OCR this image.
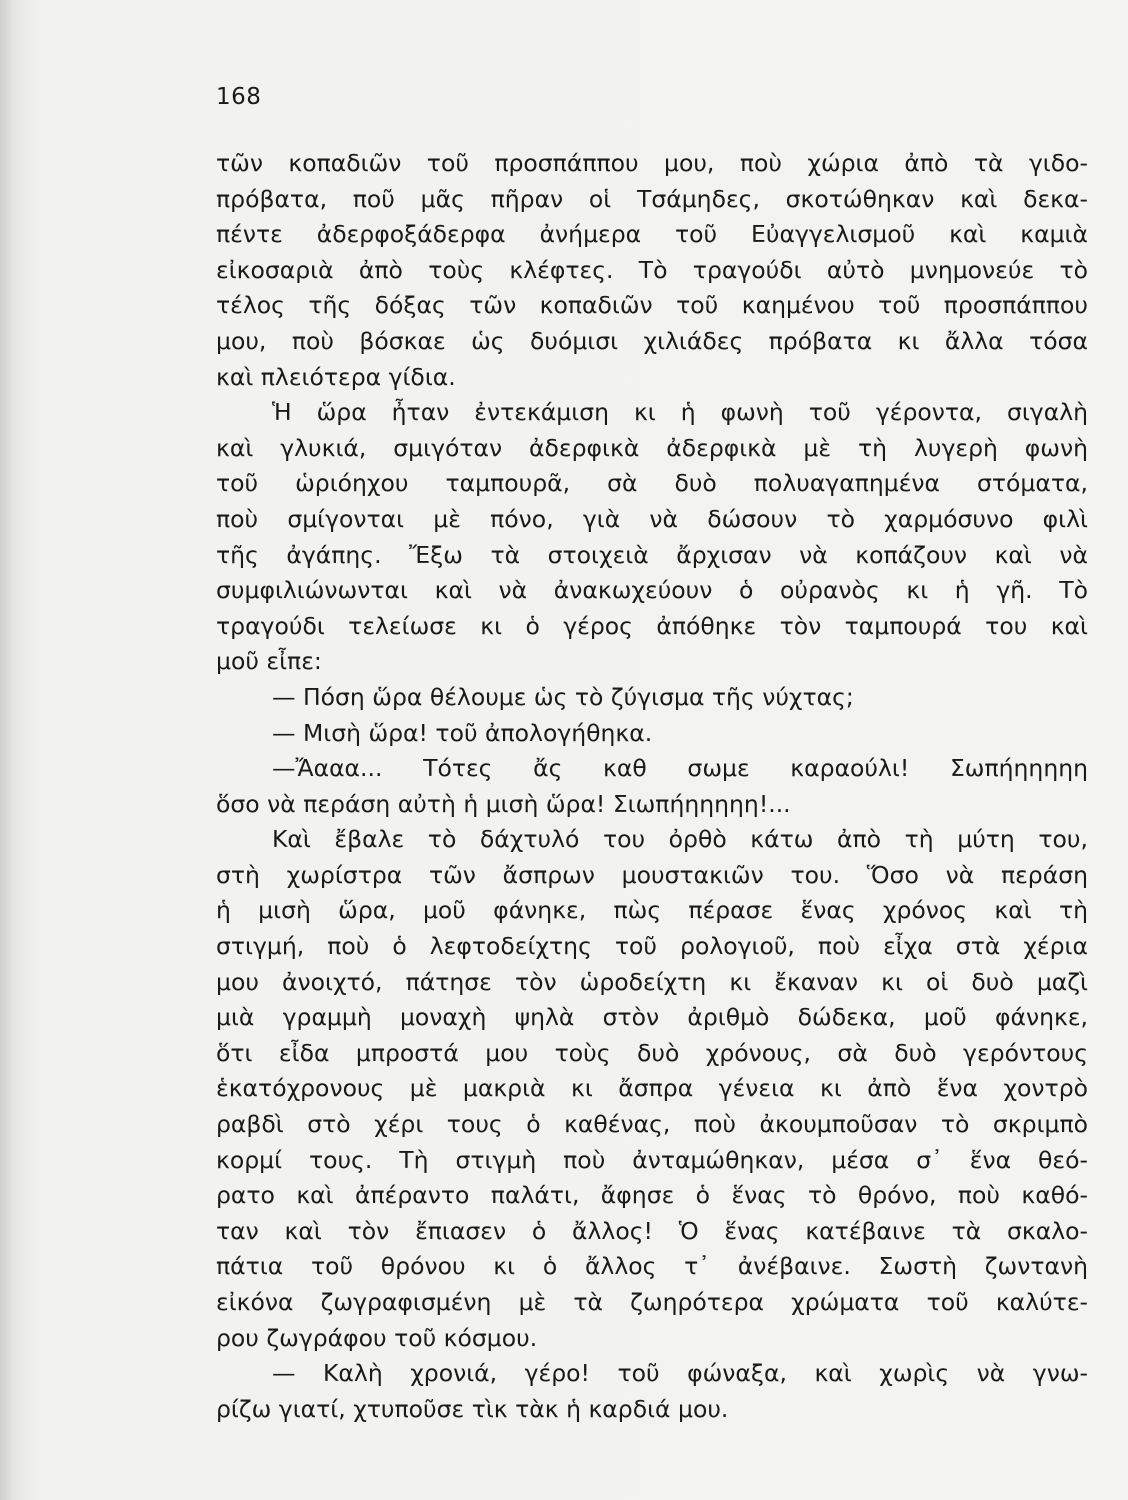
168
τῶν κοπαδιῶν τοῦ προσπάππου μου, ποὺ χώρια ἀπὸ τὰ γιδο-
πρόβατα, ποῦ μᾶς πῆραν οἱ Τσάμηδες, σκοτώθηκαν καὶ δεκα-
πέντε ἀδερφοξάδερφα ἀνήμερα τοῦ Εὐαγγελισμοῦ καὶ καμιὰ
εἰκοσαριὰ ἀπὸ τοὺς κλέφτες. Τὸ τραγούδι αὐτὸ μνημονεύε τὸ
τέλος τῆς δόξας τῶν κοπαδιῶν τοῦ καημένου τοῦ προσπάππου
μου, ποὺ βόσκαε ὡς δυόμισι χιλιάδες πρόβατα κι ἄλλα τόσα
καὶ πλειότερα γίδια.
Ἡ ὥρα ἦταν ἐντεκάμιση κι ἡ φωνὴ τοῦ γέροντα, σιγαλὴ
καὶ γλυκιά, σμιγόταν ἀδερφικὰ ἀδερφικὰ μὲ τὴ λυγερὴ φωνὴ
τοῦ ὡριόηχου ταμπουρᾶ, σὰ δυὸ πολυαγαπημένα στόματα,
ποὺ σμίγονται μὲ πόνο, γιὰ νὰ δώσουν τὸ χαρμόσυνο φιλὶ
τῆς ἀγάπης. Ἔξω τὰ στοιχειὰ ἄρχισαν νὰ κοπάζουν καὶ νὰ
συμφιλιώνωνται καὶ νὰ ἀνακωχεύουν ὁ οὐρανὸς κι ἡ γῆ. Τὸ
τραγούδι τελείωσε κι ὁ γέρος ἀπόθηκε τὸν ταμπουρά του καὶ
μοῦ εἶπε:
— Πόση ὥρα θέλουμε ὡς τὸ ζύγισμα τῆς νύχτας;
— Μισὴ ὥρα! τοῦ ἀπολογήθηκα.
—Ἄααα... Τότες ἄς καθ σωμε καραούλι! Σωπήηηηηη
ὅσο νὰ περάση αὐτὴ ἡ μισὴ ὥρα! Σιωπήηηηηη!...
Καὶ ἔβαλε τὸ δάχτυλό του ὀρθὸ κάτω ἀπὸ τὴ μύτη του,
στὴ χωρίστρα τῶν ἄσπρων μουστακιῶν του. Ὅσο νὰ περάση
ἡ μισὴ ὥρα, μοῦ φάνηκε, πὼς πέρασε ἕνας χρόνος καὶ τὴ
στιγμή, ποὺ ὁ λεφτοδείχτης τοῦ ρολογιοῦ, ποὺ εἶχα στὰ χέρια
μου ἀνοιχτό, πάτησε τὸν ὡροδείχτη κι ἔκαναν κι οἱ δυὸ μαζὶ
μιὰ γραμμὴ μοναχὴ ψηλὰ στὸν ἀριθμὸ δώδεκα, μοῦ φάνηκε,
ὅτι εἶδα μπροστά μου τοὺς δυὸ χρόνους, σὰ δυὸ γερόντους
ἑκατόχρονους μὲ μακριὰ κι ἄσπρα γένεια κι ἀπὸ ἕνα χοντρὸ
ραβδὶ στὸ χέρι τους ὁ καθένας, ποὺ ἀκουμποῦσαν τὸ σκριμπὸ
κορμί τους. Τὴ στιγμὴ ποὺ ἀνταμώθηκαν, μέσα σ᾽ ἕνα θεό-
ρατο καὶ ἀπέραντο παλάτι, ἄφησε ὁ ἕνας τὸ θρόνο, ποὺ καθό-
ταν καὶ τὸν ἔπιασεν ὁ ἄλλος! Ὁ ἕνας κατέβαινε τὰ σκαλο-
πάτια τοῦ θρόνου κι ὁ ἄλλος τ᾽ ἀνέβαινε. Σωστὴ ζωντανὴ
εἰκόνα ζωγραφισμένη μὲ τὰ ζωηρότερα χρώματα τοῦ καλύτε-
ρου ζωγράφου τοῦ κόσμου.
— Καλὴ χρονιά, γέρο! τοῦ φώναξα, καὶ χωρὶς νὰ γνω-
ρίζω γιατί, χτυποῦσε τὶκ τὰκ ἡ καρδιά μου.
